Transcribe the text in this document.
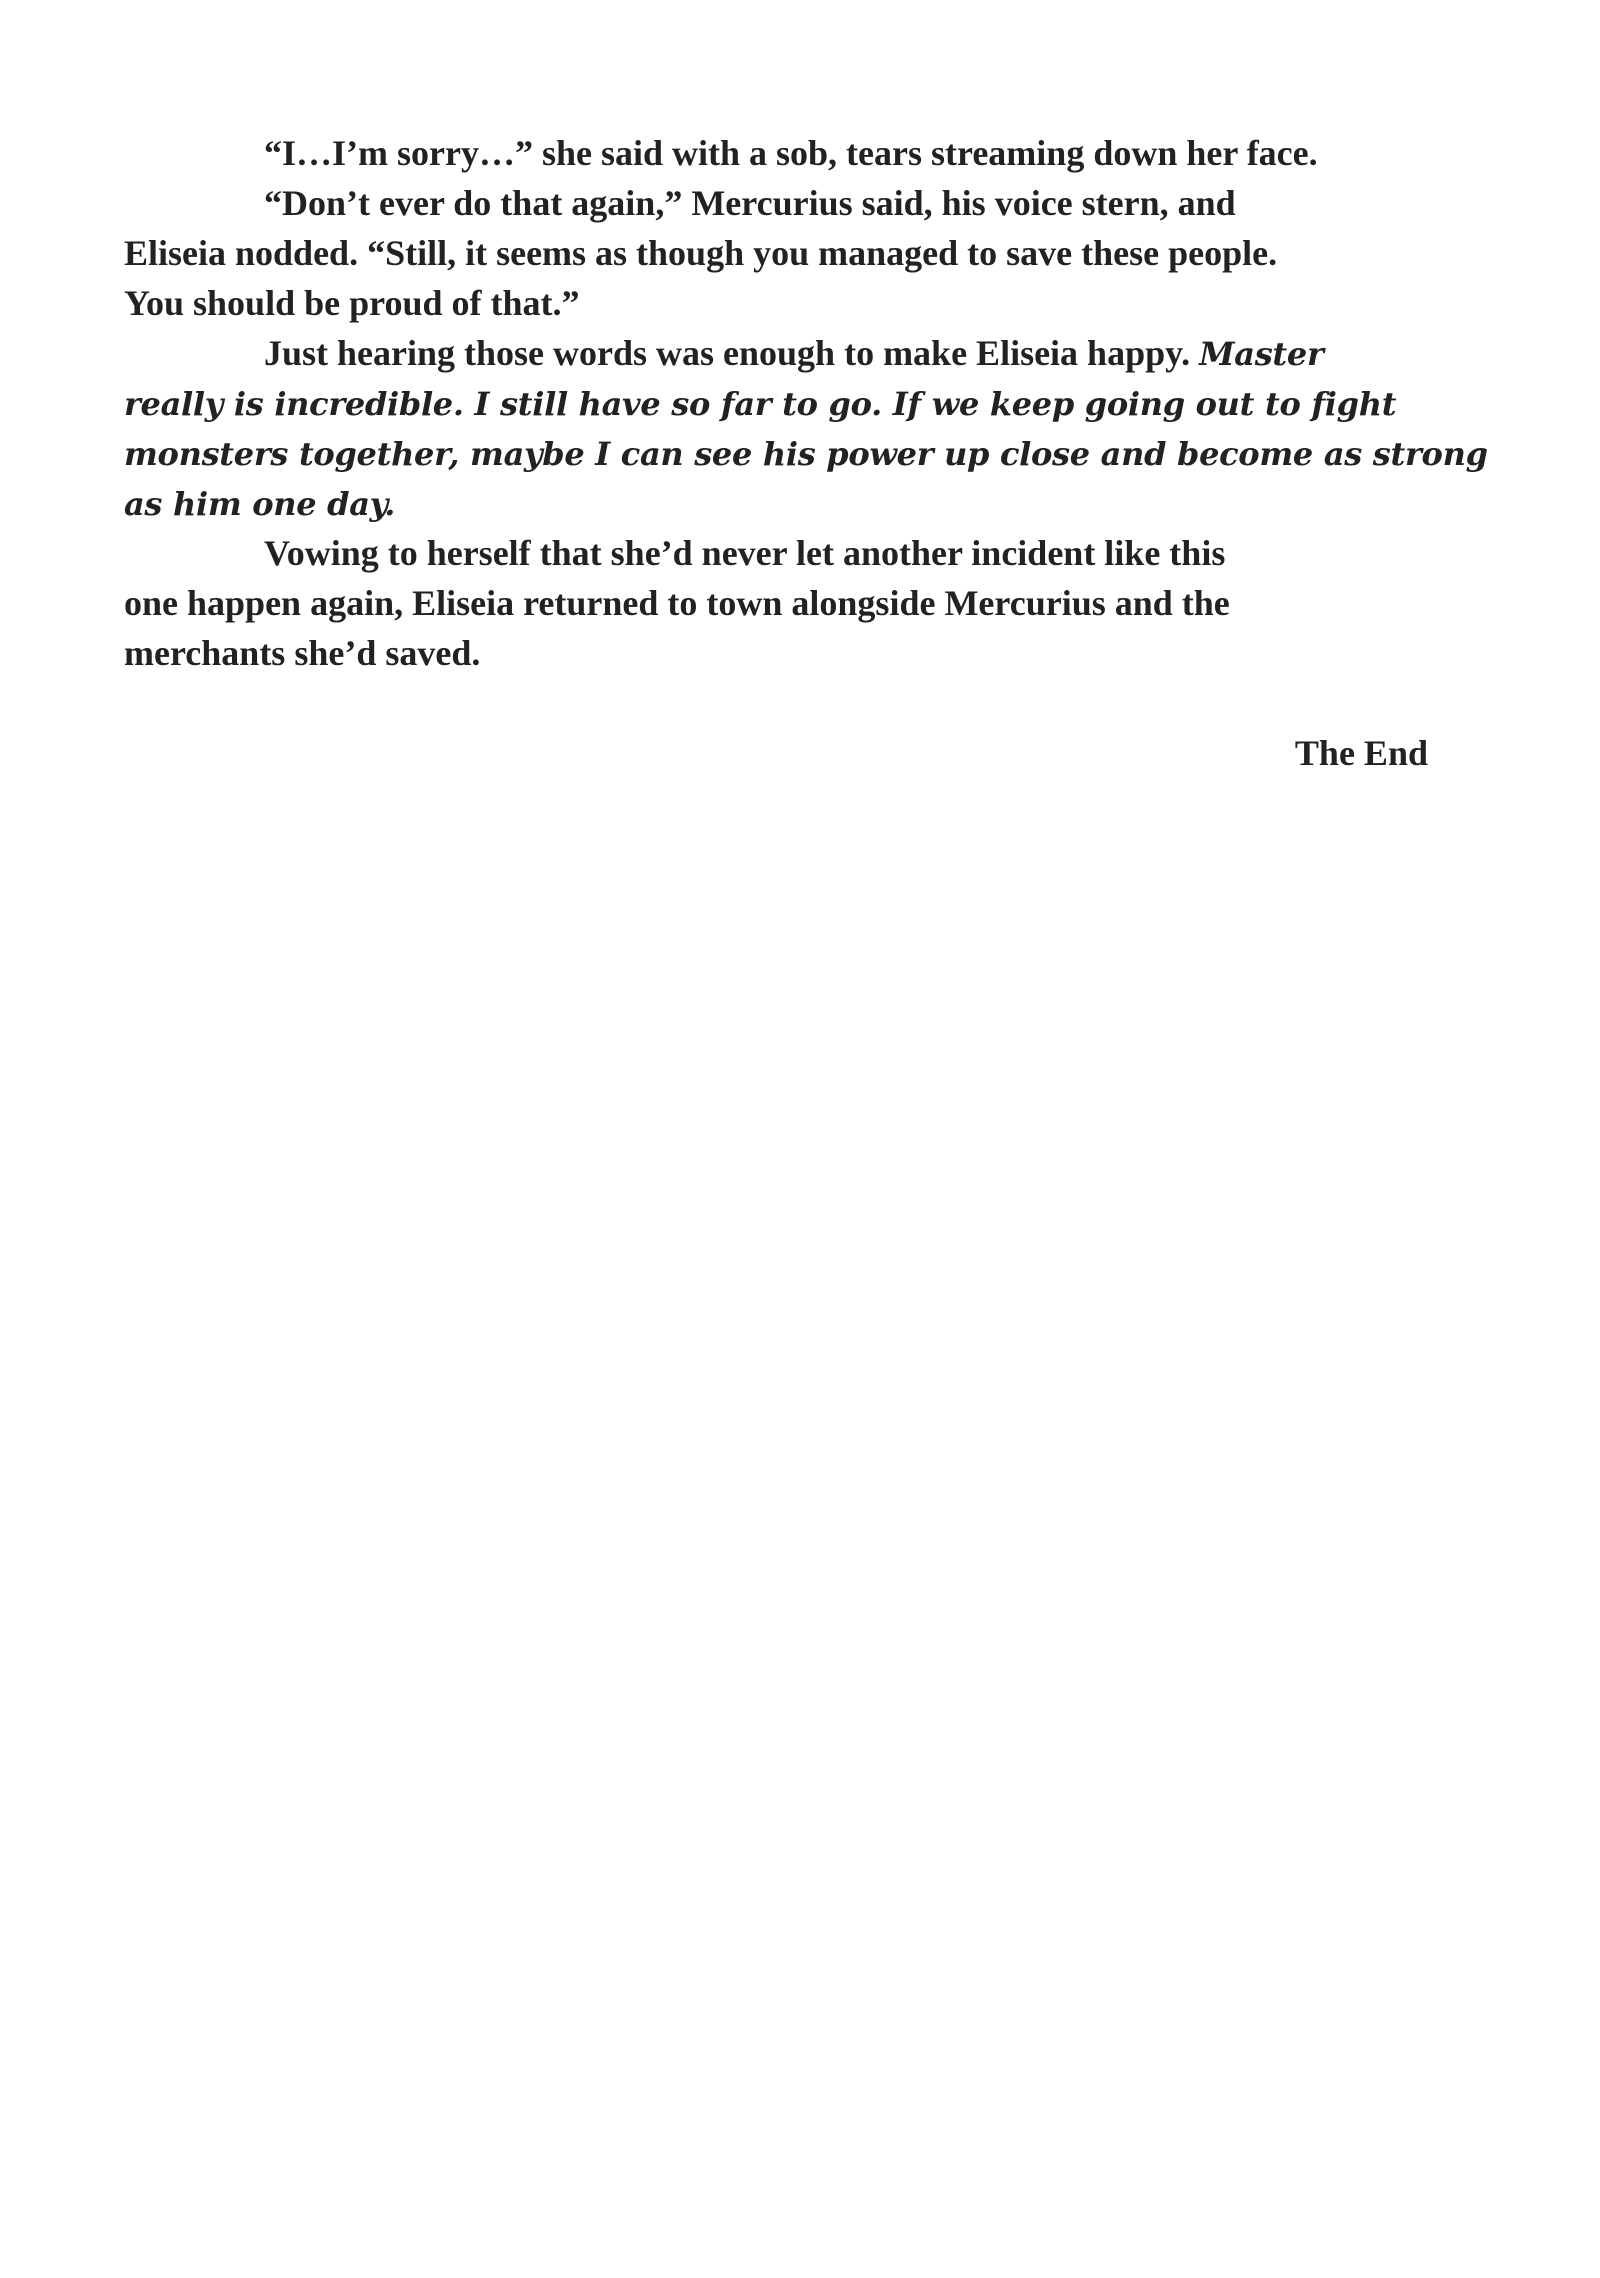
“I…I’m sorry…” she said with a sob, tears streaming down her face.
“Don’t ever do that again,” Mercurius said, his voice stern, and
Eliseia nodded. “Still, it seems as though you managed to save these people.
You should be proud of that.”
Just hearing those words was enough to make Eliseia happy. Master
really is incredible. I still have so far to go. If we keep going out to fight
monsters together, maybe I can see his power up close and become as strong
as him one day.
Vowing to herself that she’d never let another incident like this
one happen again, Eliseia returned to town alongside Mercurius and the
merchants she’d saved.
The End
